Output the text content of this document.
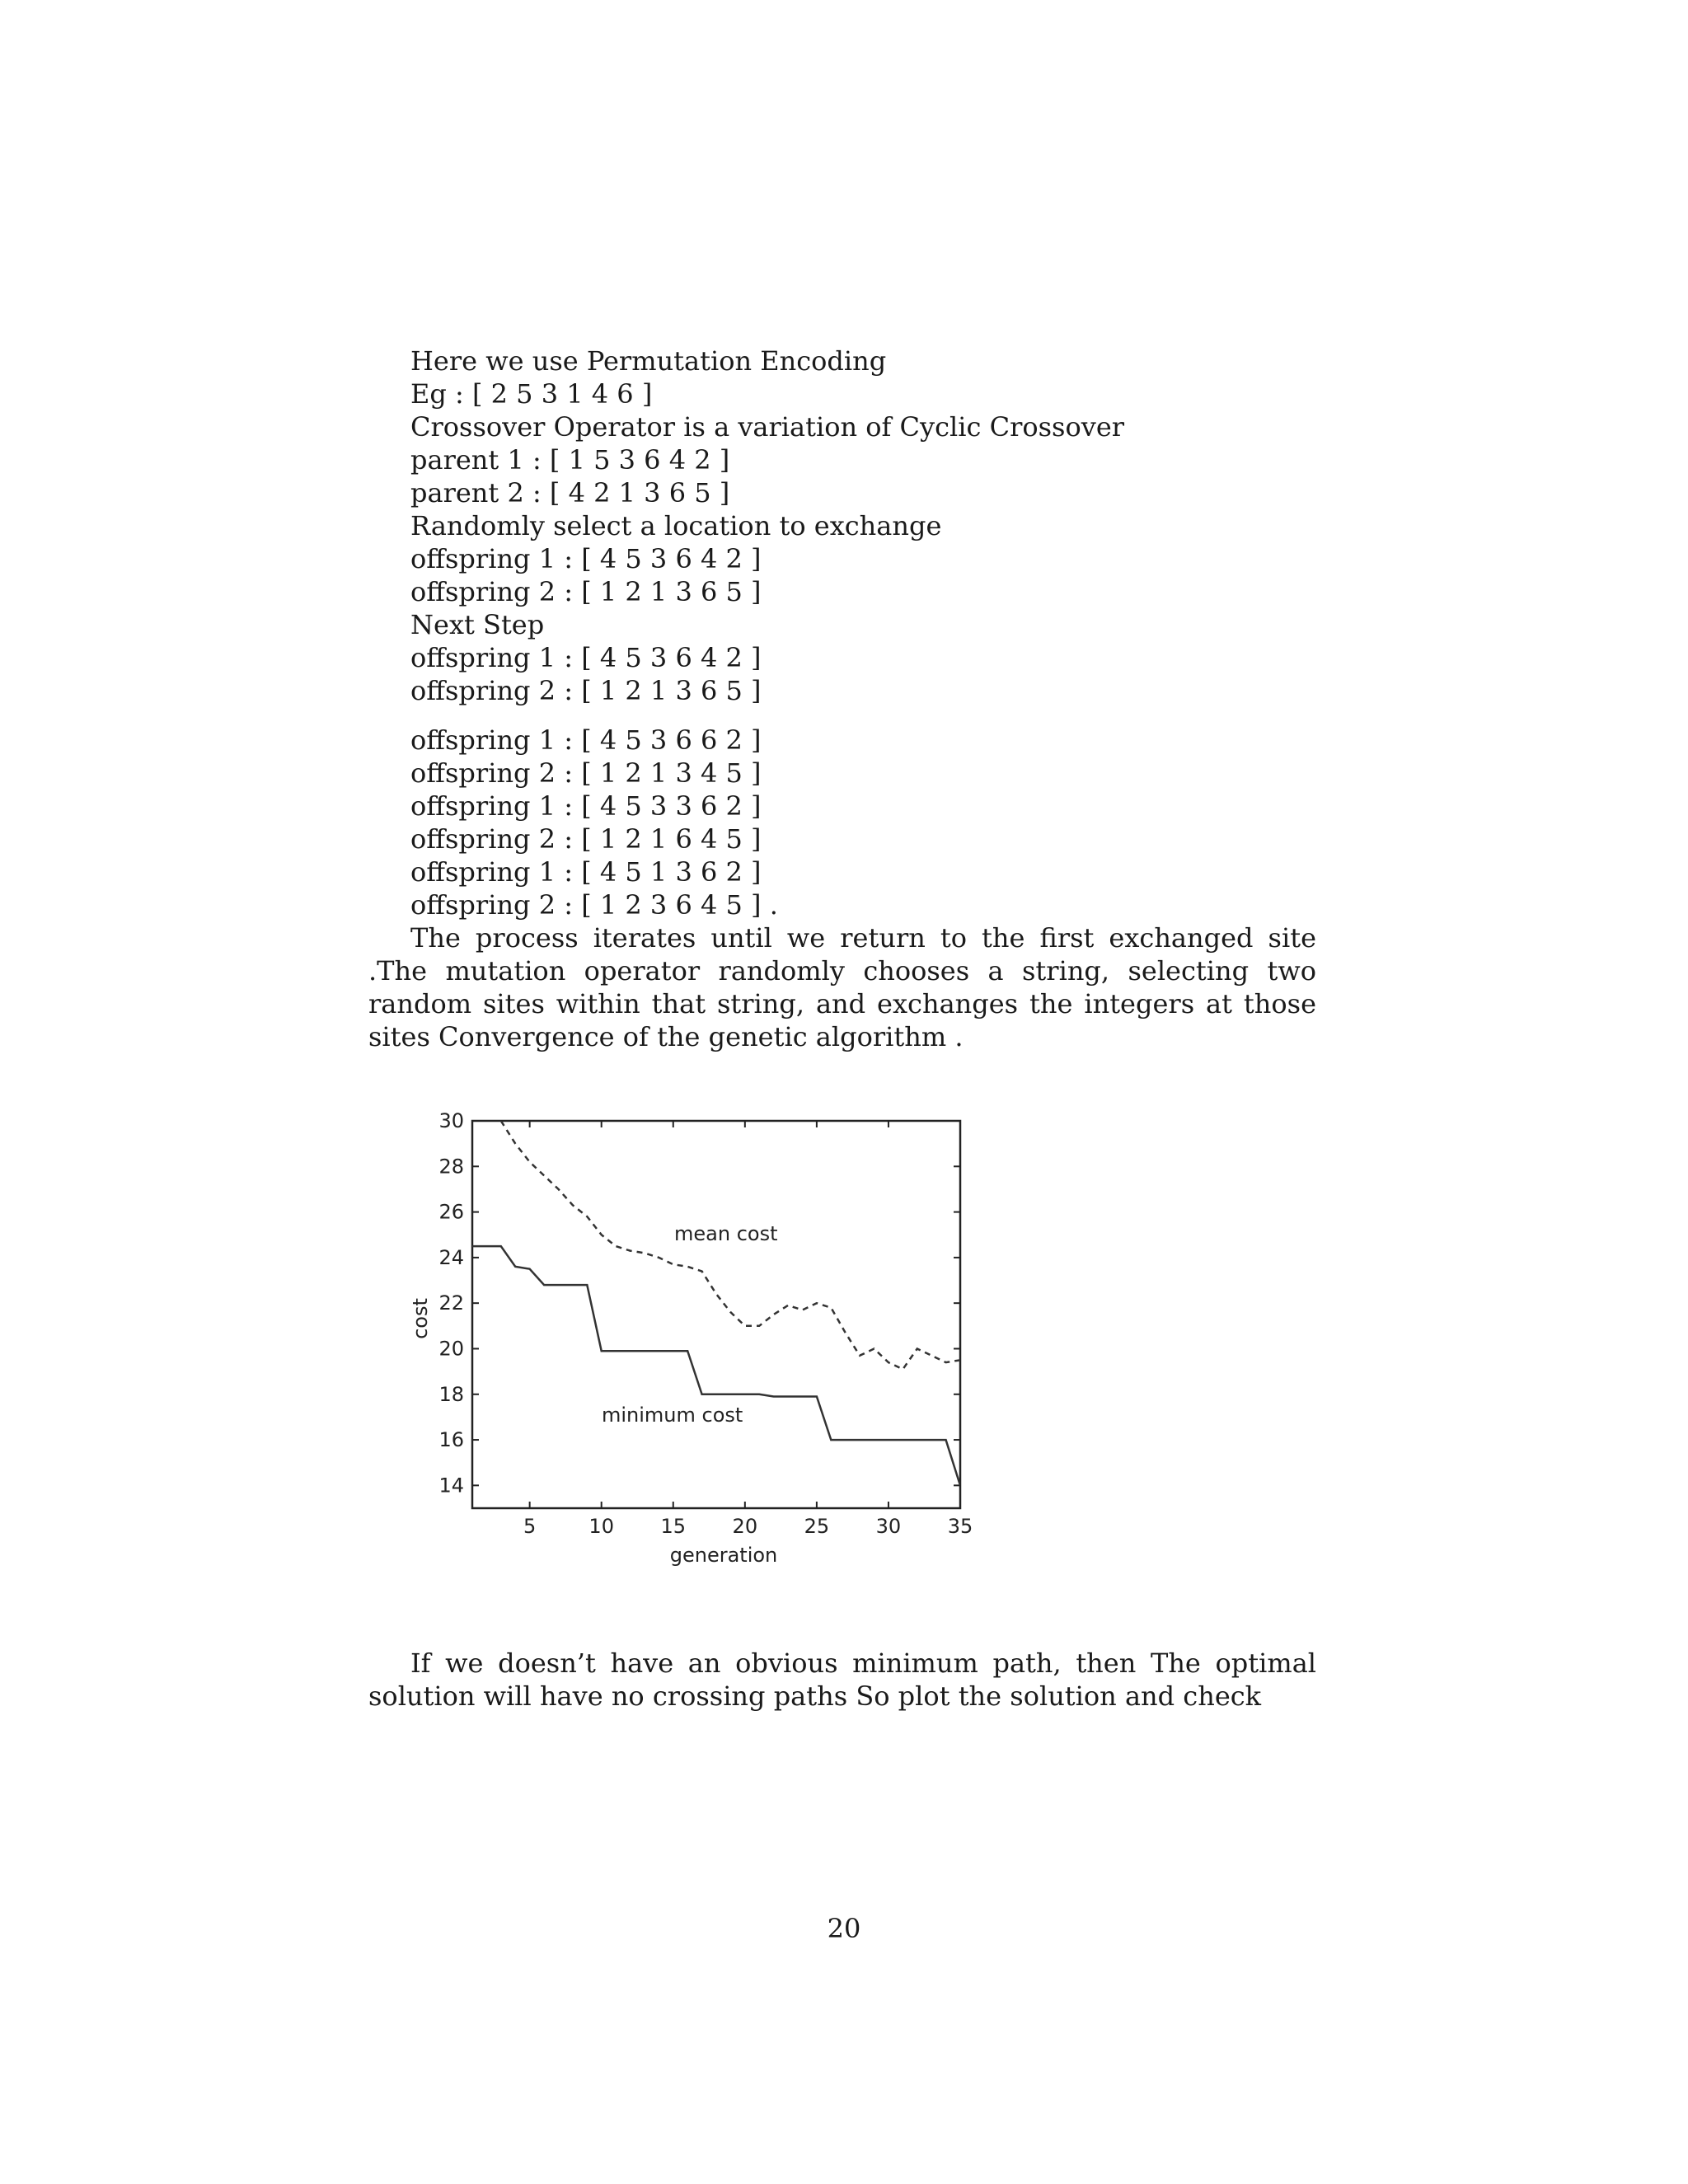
Here we use Permutation Encoding

Eg : [ 2 5 3 1 4 6 ]

Crossover Operator is a variation of Cyclic Crossover

parent 1 : [ 1 5 3 6 4 2 ]

parent 2 : [ 4 2 1 3 6 5 ]

Randomly select a location to exchange

offspring 1 : [ 4 5 3 6 4 2 ]

offspring 2 : [ 1 2 1 3 6 5 ]

Next Step

offspring 1 : [ 4 5 3 6 4 2 ]

offspring 2 : [ 1 2 1 3 6 5 ]

offspring 1 : [ 4 5 3 6 6 2 ]

offspring 2 : [ 1 2 1 3 4 5 ]

offspring 1 : [ 4 5 3 3 6 2 ]

offspring 2 : [ 1 2 1 6 4 5 ]

offspring 1 : [ 4 5 1 3 6 2 ]

offspring 2 : [ 1 2 3 6 4 5 ] .

The process iterates until we return to the first exchanged site .The mutation operator randomly chooses a string, selecting two random sites within that string, and exchanges the integers at those sites Convergence of the genetic algorithm .

5	10 15 20 25 30 35
14
16
18
20
22
24
26
28
30
mean cost
minimum cost
generation
cost

If we doesn’t have an obvious minimum path, then The optimal solution will have no crossing paths So plot the solution and check

20
